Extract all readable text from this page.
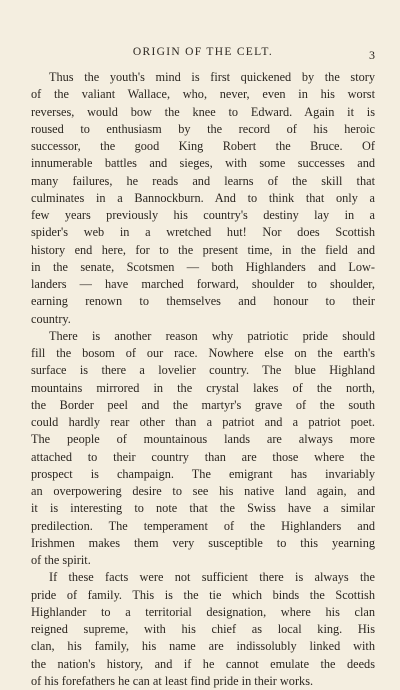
ORIGIN OF THE CELT.	3
Thus the youth's mind is first quickened by the story
of the valiant Wallace, who, never, even in his worst
reverses, would bow the knee to Edward. Again it is
roused to enthusiasm by the record of his heroic
successor, the good King Robert the Bruce. Of
innumerable battles and sieges, with some successes and
many failures, he reads and learns of the skill that
culminates in a Bannockburn. And to think that only a
few years previously his country's destiny lay in a
spider's web in a wretched hut! Nor does Scottish
history end here, for to the present time, in the field and
in the senate, Scotsmen — both Highlanders and Low-
landers — have marched forward, shoulder to shoulder,
earning renown to themselves and honour to their
country.
There is another reason why patriotic pride should
fill the bosom of our race. Nowhere else on the earth's
surface is there a lovelier country. The blue Highland
mountains mirrored in the crystal lakes of the north,
the Border peel and the martyr's grave of the south
could hardly rear other than a patriot and a patriot poet.
The people of mountainous lands are always more
attached to their country than are those where the
prospect is champaign. The emigrant has invariably
an overpowering desire to see his native land again, and
it is interesting to note that the Swiss have a similar
predilection. The temperament of the Highlanders and
Irishmen makes them very susceptible to this yearning
of the spirit.
If these facts were not sufficient there is always the
pride of family. This is the tie which binds the Scottish
Highlander to a territorial designation, where his clan
reigned supreme, with his chief as local king. His
clan, his family, his name are indissolubly linked with
the nation's history, and if he cannot emulate the deeds
of his forefathers he can at least find pride in their works.
